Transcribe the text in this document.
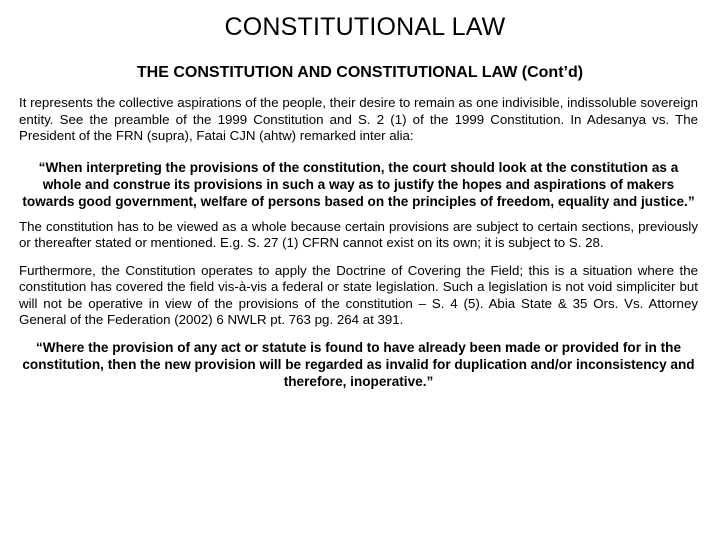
CONSTITUTIONAL LAW
THE CONSTITUTION AND CONSTITUTIONAL LAW (Cont’d)

It represents the collective aspirations of the people, their desire to remain as one indivisible, indissoluble sovereign entity. See the preamble of the 1999 Constitution and S. 2 (1) of the 1999 Constitution. In Adesanya vs. The President of the FRN (supra), Fatai CJN (ahtw) remarked inter alia:

“When interpreting the provisions of the constitution, the court should look at the constitution as a whole and construe its provisions in such a way as to justify the hopes and aspirations of makers towards good government, welfare of persons based on the principles of freedom, equality and justice.”

The constitution has to be viewed as a whole because certain provisions are subject to certain sections, previously or thereafter stated or mentioned. E.g. S. 27 (1) CFRN cannot exist on its own; it is subject to S. 28.

Furthermore, the Constitution operates to apply the Doctrine of Covering the Field; this is a situation where the constitution has covered the field vis-à-vis a federal or state legislation. Such a legislation is not void simpliciter but will not be operative in view of the provisions of the constitution – S. 4 (5). Abia State & 35 Ors. Vs. Attorney General of the Federation (2002) 6 NWLR pt. 763 pg. 264 at 391.

“Where the provision of any act or statute is found to have already been made or provided for in the constitution, then the new provision will be regarded as invalid for duplication and/or inconsistency and therefore, inoperative.”
